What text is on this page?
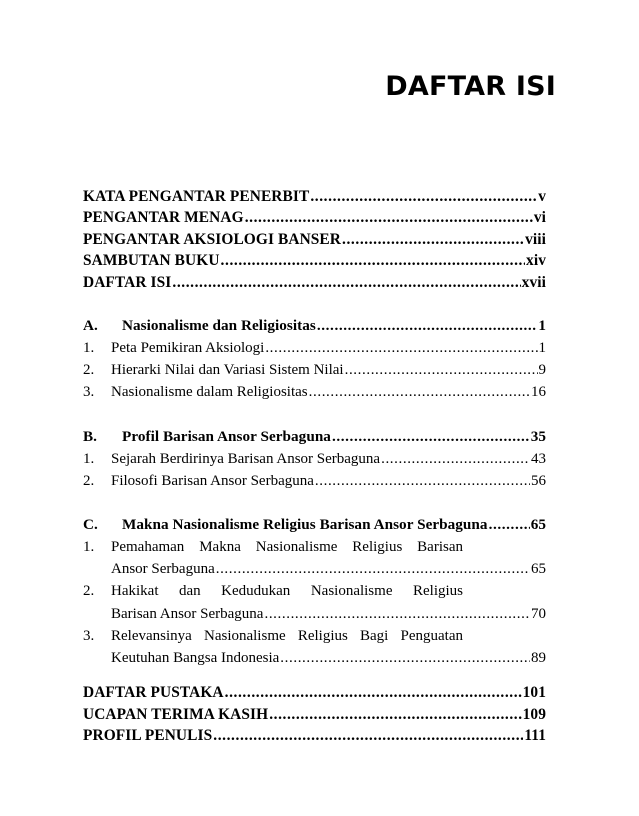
DAFTAR ISI
KATA PENGANTAR PENERBIT .....	v
PENGANTAR MENAG .....	vi
PENGANTAR AKSIOLOGI BANSER .....	viii
SAMBUTAN BUKU .....	xiv
DAFTAR ISI .....	xvii
A.	Nasionalisme dan Religiositas .....	1
1.	Peta Pemikiran Aksiologi .....	1
2.	Hierarki Nilai dan Variasi Sistem Nilai .....	9
3.	Nasionalisme dalam Religiositas .....	16
B.	Profil Barisan Ansor Serbaguna .....	35
1.	Sejarah Berdirinya Barisan Ansor Serbaguna .....	43
2.	Filosofi Barisan Ansor Serbaguna .....	56
C.	Makna Nasionalisme Religius Barisan Ansor Serbaguna .....	65
1.	Pemahaman Makna Nasionalisme Religius Barisan
Ansor Serbaguna .....	65
2.	Hakikat dan Kedudukan Nasionalisme Religius
Barisan Ansor Serbaguna .....	70
3.	Relevansinya Nasionalisme Religius Bagi Penguatan
Keutuhan Bangsa Indonesia .....	89
DAFTAR PUSTAKA .....	101
UCAPAN TERIMA KASIH .....	109
PROFIL PENULIS .....	111
